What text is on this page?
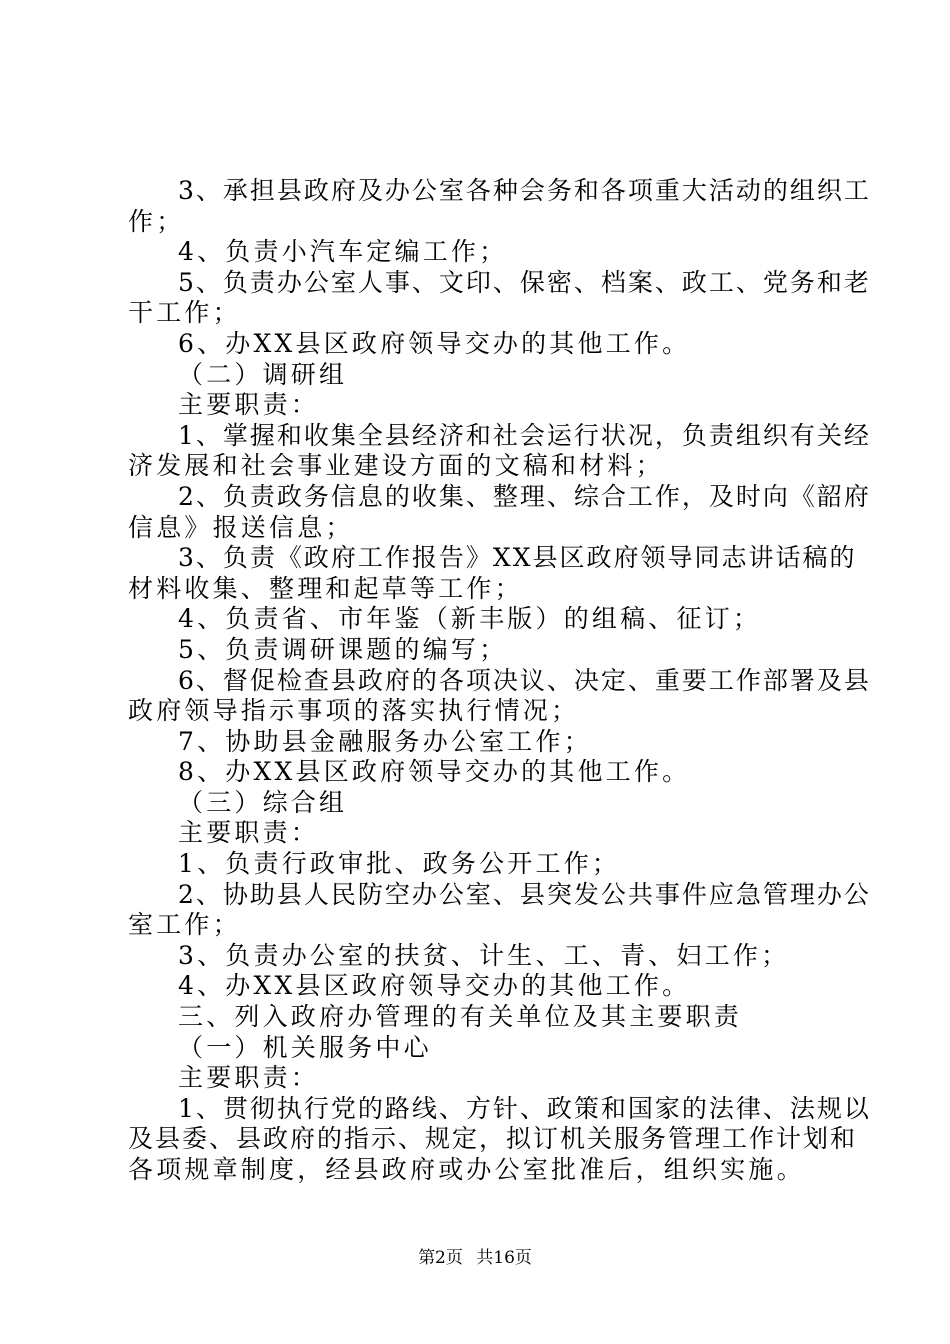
3、承担县政府及办公室各种会务和各项重大活动的组织工
作；
4、负责小汽车定编工作；
5、负责办公室人事、文印、保密、档案、政工、党务和老
干工作；
6、办XX县区政府领导交办的其他工作。
（二）调研组
主要职责：
1、掌握和收集全县经济和社会运行状况，负责组织有关经
济发展和社会事业建设方面的文稿和材料；
2、负责政务信息的收集、整理、综合工作，及时向《韶府
信息》报送信息；
3、负责《政府工作报告》XX县区政府领导同志讲话稿的
材料收集、整理和起草等工作；
4、负责省、市年鉴（新丰版）的组稿、征订；
5、负责调研课题的编写；
6、督促检查县政府的各项决议、决定、重要工作部署及县
政府领导指示事项的落实执行情况；
7、协助县金融服务办公室工作；
8、办XX县区政府领导交办的其他工作。
（三）综合组
主要职责：
1、负责行政审批、政务公开工作；
2、协助县人民防空办公室、县突发公共事件应急管理办公
室工作；
3、负责办公室的扶贫、计生、工、青、妇工作；
4、办XX县区政府领导交办的其他工作。
三、列入政府办管理的有关单位及其主要职责
（一）机关服务中心
主要职责：
1、贯彻执行党的路线、方针、政策和国家的法律、法规以
及县委、县政府的指示、规定，拟订机关服务管理工作计划和
各项规章制度，经县政府或办公室批准后，组织实施。
第2页 共16页
